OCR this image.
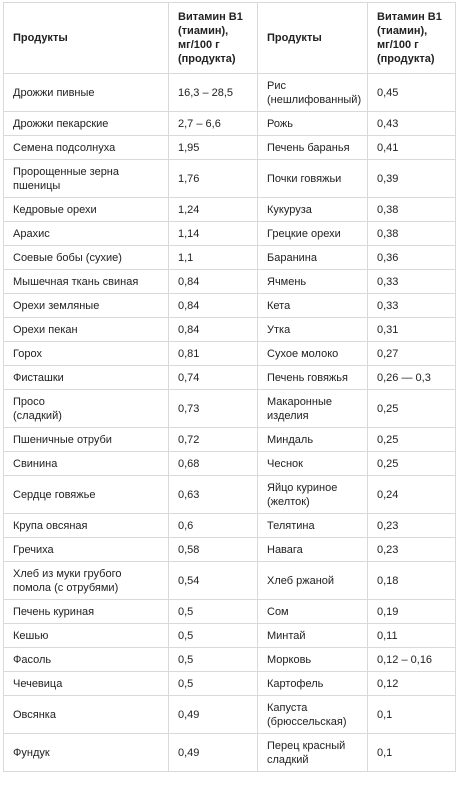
Продукты	Витамин В1
(тиамин),
мг/100 г
(продукта)	Продукты	Витамин В1
(тиамин),
мг/100 г
(продукта)
Дрожжи пивные	16,3 – 28,5	Рис
(нешлифованный)	0,45
Дрожжи пекарские	2,7 – 6,6	Рожь	0,43
Семена подсолнуха	1,95	Печень баранья	0,41
Пророщенные зерна
пшеницы	1,76	Почки говяжьи	0,39
Кедровые орехи	1,24	Кукуруза	0,38
Арахис	1,14	Грецкие орехи	0,38
Соевые бобы (сухие)	1,1	Баранина	0,36
Мышечная ткань свиная	0,84	Ячмень	0,33
Орехи земляные	0,84	Кета	0,33
Орехи пекан	0,84	Утка	0,31
Горох	0,81	Сухое молоко	0,27
Фисташки	0,74	Печень говяжья	0,26 — 0,3
Просо
(сладкий)	0,73	Макаронные
изделия	0,25
Пшеничные отруби	0,72	Миндаль	0,25
Свинина	0,68	Чеснок	0,25
Сердце говяжье	0,63	Яйцо куриное
(желток)	0,24
Крупа овсяная	0,6	Телятина	0,23
Гречиха	0,58	Навага	0,23
Хлеб из муки грубого
помола (с отрубями)	0,54	Хлеб ржаной	0,18
Печень куриная	0,5	Сом	0,19
Кешью	0,5	Минтай	0,11
Фасоль	0,5	Морковь	0,12 – 0,16
Чечевица	0,5	Картофель	0,12
Овсянка	0,49	Капуста
(брюссельская)	0,1
Фундук	0,49	Перец красный
сладкий	0,1
